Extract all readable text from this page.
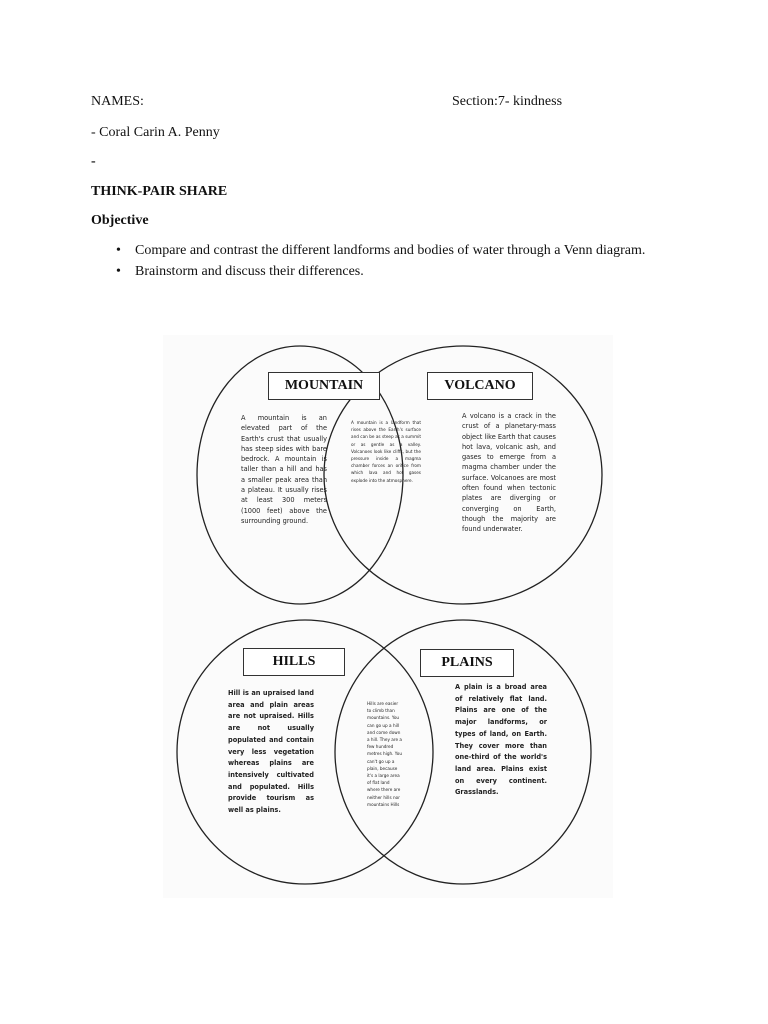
NAMES:	Section:7- kindness
- Coral Carin A. Penny
-
THINK-PAIR SHARE
Objective
• Compare and contrast the different landforms and bodies of water through a Venn diagram.
• Brainstorm and discuss their differences.
MOUNTAIN	VOLCANO
A mountain is an elevated part of the Earth's crust that usually has steep sides with bare bedrock. A mountain is taller than a hill and has a smaller peak area than a plateau. It usually rises at least 300 meters (1000 feet) above the surrounding ground.
A mountain is a landform that rises above the Earth's surface and can be as steep as a summit or as gentle as a valley. Volcanoes look like cliffs, but the pressure inside a magma chamber forces an orifice from which lava and hot gases explode into the atmosphere.
A volcano is a crack in the crust of a planetary-mass object like Earth that causes hot lava, volcanic ash, and gases to emerge from a magma chamber under the surface. Volcanoes are most often found when tectonic plates are diverging or converging on Earth, though the majority are found underwater.
HILLS	PLAINS
Hill is an upraised land area and plain areas are not upraised. Hills are not usually populated and contain very less vegetation whereas plains are intensively cultivated and populated. Hills provide tourism as well as plains.
Hills are easier to climb than mountains. You can go up a hill and come down a hill. They are a few hundred metres high. You can't go up a plain, because it's a large area of flat land where there are neither hills nor mountains Hills
A plain is a broad area of relatively flat land. Plains are one of the major landforms, or types of land, on Earth. They cover more than one-third of the world's land area. Plains exist on every continent. Grasslands.
